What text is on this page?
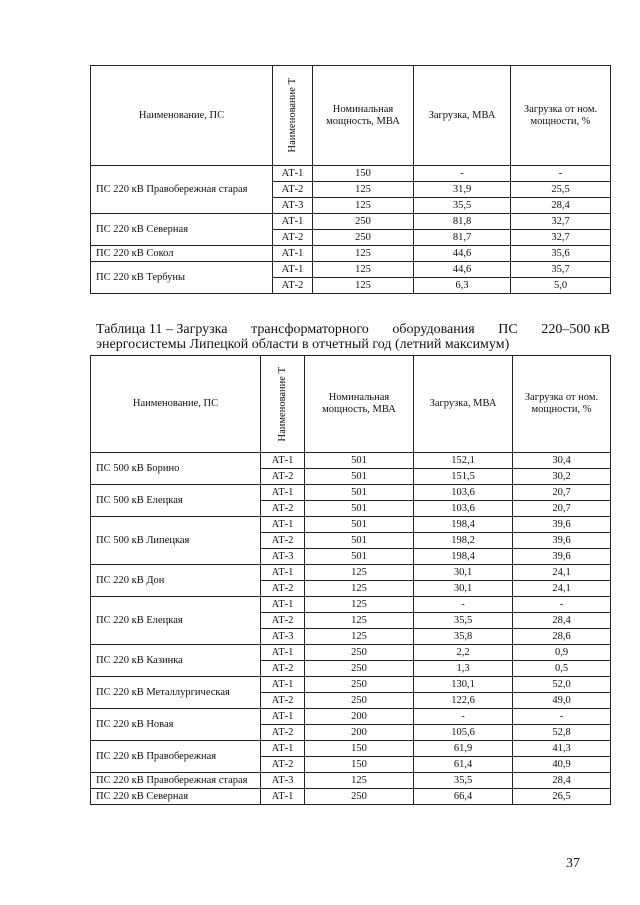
Наименование, ПС	Наименование Т	Номинальная мощность, МВА	Загрузка, МВА	Загрузка от ном. мощности, %
ПС 220 кВ Правобережная старая	АТ-1	150	-	-
	АТ-2	125	31,9	25,5
	АТ-3	125	35,5	28,4
ПС 220 кВ Северная	АТ-1	250	81,8	32,7
	АТ-2	250	81,7	32,7
ПС 220 кВ Сокол	АТ-1	125	44,6	35,6
ПС 220 кВ Тербуны	АТ-1	125	44,6	35,7
	АТ-2	125	6,3	5,0
Таблица 11 – Загрузка трансформаторного оборудования ПС 220–500 кВ
энергосистемы Липецкой области в отчетный год (летний максимум)
Наименование, ПС	Наименование Т	Номинальная мощность, МВА	Загрузка, МВА	Загрузка от ном. мощности, %
ПС 500 кВ Борино	АТ-1	501	152,1	30,4
	АТ-2	501	151,5	30,2
ПС 500 кВ Елецкая	АТ-1	501	103,6	20,7
	АТ-2	501	103,6	20,7
ПС 500 кВ Липецкая	АТ-1	501	198,4	39,6
	АТ-2	501	198,2	39,6
	АТ-3	501	198,4	39,6
ПС 220 кВ Дон	АТ-1	125	30,1	24,1
	АТ-2	125	30,1	24,1
ПС 220 кВ Елецкая	АТ-1	125	-	-
	АТ-2	125	35,5	28,4
	АТ-3	125	35,8	28,6
ПС 220 кВ Казинка	АТ-1	250	2,2	0,9
	АТ-2	250	1,3	0,5
ПС 220 кВ Металлургическая	АТ-1	250	130,1	52,0
	АТ-2	250	122,6	49,0
ПС 220 кВ Новая	АТ-1	200	-	-
	АТ-2	200	105,6	52,8
ПС 220 кВ Правобережная	АТ-1	150	61,9	41,3
	АТ-2	150	61,4	40,9
ПС 220 кВ Правобережная старая	АТ-3	125	35,5	28,4
ПС 220 кВ Северная	АТ-1	250	66,4	26,5
37
